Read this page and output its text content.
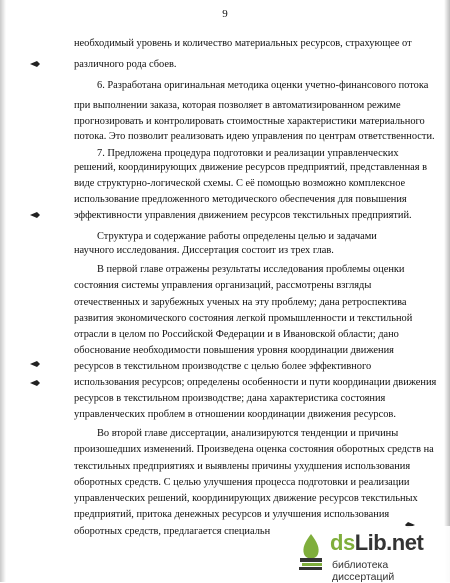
9
необходимый уровень и количество материальных ресурсов, страхующее от
различного рода сбоев.
6. Разработана оригинальная методика оценки учетно-финансового потока
при выполнении заказа, которая позволяет в автоматизированном режиме
прогнозировать и контролировать стоимостные характеристики материального
потока. Это позволит реализовать идею управления по центрам ответственности.
7. Предложена процедура подготовки и реализации управленческих
решений, координирующих движение ресурсов предприятий, представленная в
виде структурно-логической схемы. С её помощью возможно комплексное
использование предложенного методического обеспечения для повышения
эффективности управления движением ресурсов текстильных предприятий.
Структура и содержание работы определены целью и задачами
научного исследования. Диссертация состоит из трех глав.
В первой главе отражены результаты исследования проблемы оценки
состояния системы управления организаций, рассмотрены взгляды
отечественных и зарубежных ученых на эту проблему; дана ретроспектива
развития экономического состояния легкой промышленности и текстильной
отрасли в целом по Российской Федерации и в Ивановской области; дано
обоснование необходимости повышения уровня координации движения
ресурсов в текстильном производстве с целью более эффективного
использования ресурсов; определены особенности и пути координации движения
ресурсов в текстильном производстве; дана характеристика состояния
управленческих проблем в отношении координации движения ресурсов.
Во второй главе диссертации, анализируются тенденции и причины
произошедших изменений. Произведена оценка состояния оборотных средств на
текстильных предприятиях и выявлены причины ухудшения использования
оборотных средств. С целью улучшения процесса подготовки и реализации
управленческих решений, координирующих движение ресурсов текстильных
предприятий, притока денежных ресурсов и улучшения использования
оборотных средств, предлагается специальн	dsLib.net
библиотека диссертаций
